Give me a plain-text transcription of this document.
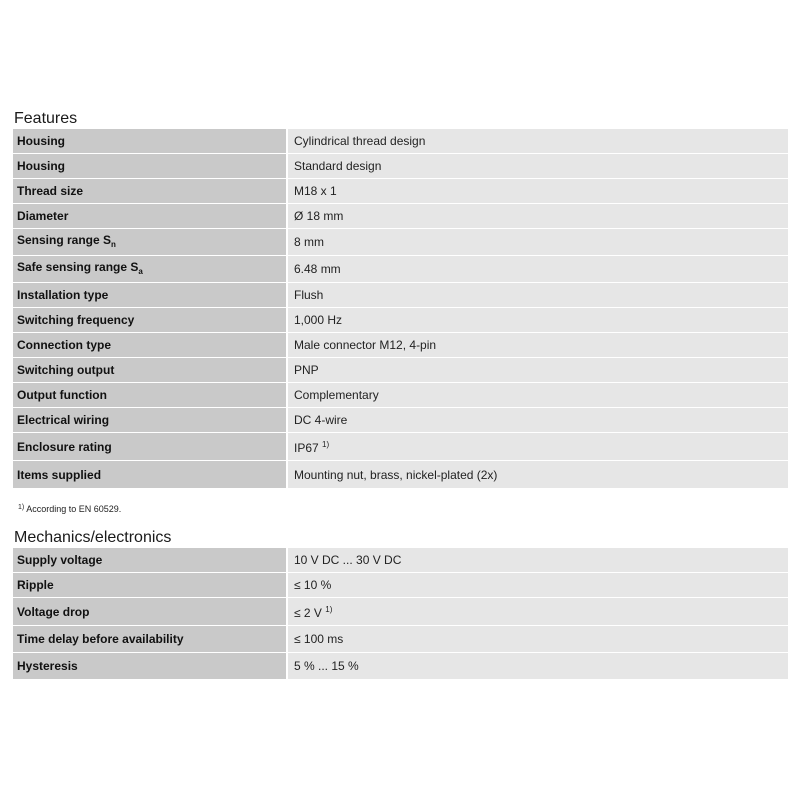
Features
Housing	Cylindrical thread design
Housing	Standard design
Thread size	M18 x 1
Diameter	Ø 18 mm
Sensing range $S_n$	8 mm
Safe sensing range $S_a$	6.48 mm
Installation type	Flush
Switching frequency	1,000 Hz
Connection type	Male connector M12, 4-pin
Switching output	PNP
Output function	Complementary
Electrical wiring	DC 4-wire
Enclosure rating	IP67 $^{1)}$
Items supplied	Mounting nut, brass, nickel-plated (2x)
$^{1)}$ According to EN 60529.
Mechanics/electronics
Supply voltage	10 V DC ... 30 V DC
Ripple	≤ 10 %
Voltage drop	≤ 2 V $^{1)}$
Time delay before availability	≤ 100 ms
Hysteresis	5 % ... 15 %
